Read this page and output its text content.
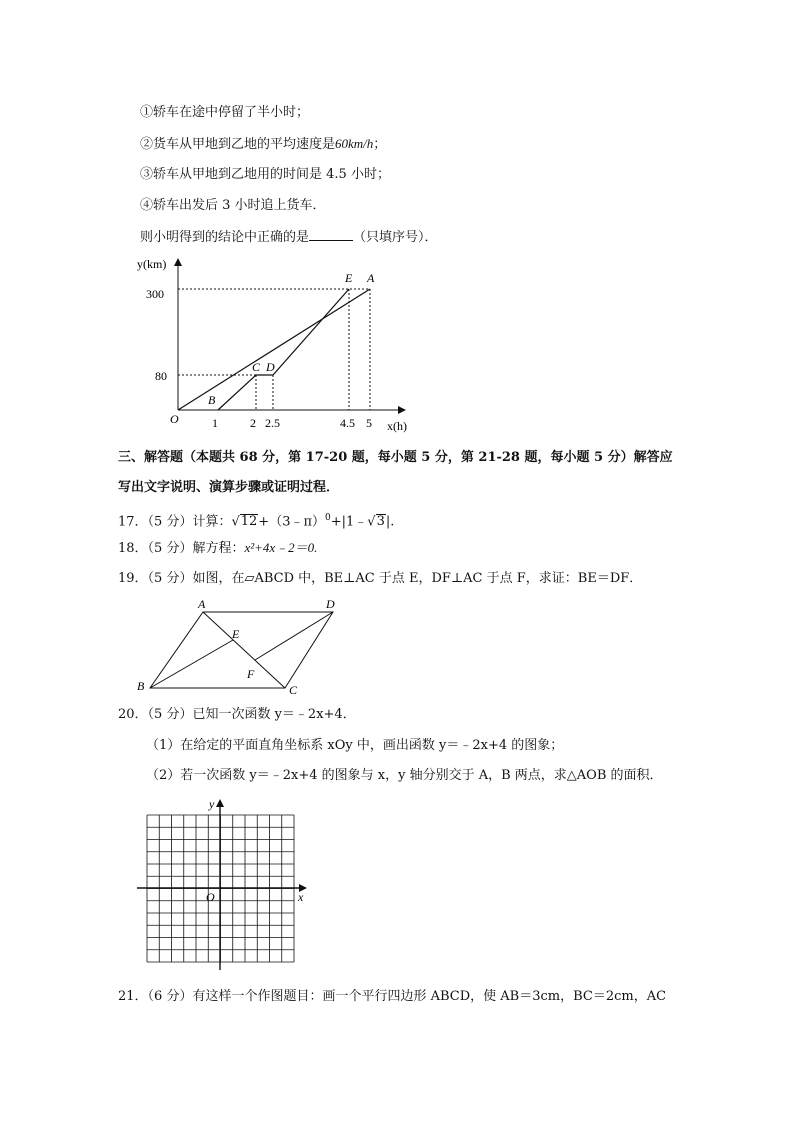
①轿车在途中停留了半小时；
②货车从甲地到乙地的平均速度是60km/h；
③轿车从甲地到乙地用的时间是 4.5 小时；
④轿车出发后 3 小时追上货车．
则小明得到的结论中正确的是	（只填序号）．
y(km)
x(h)
300
80
1	2 2.5	4.5 5
O
A
E
B
C D
三、解答题（本题共 68 分，第 17-20 题，每小题 5 分，第 21-28 题，每小题 5 分）解答应
写出文字说明、演算步骤或证明过程．
17．（5 分）计算：√12+（3﹣π）$^0$+|1﹣√3|.
18．（5 分）解方程：x²+4x﹣2＝0.
19．（5 分）如图，在▱ABCD 中，BE⊥AC 于点 E，DF⊥AC 于点 F，求证：BE＝DF．
A	D
B	C
E
F
20．（5 分）已知一次函数 y＝﹣2x+4．
（1）在给定的平面直角坐标系 xOy 中，画出函数 y＝﹣2x+4 的图象；
（2）若一次函数 y＝﹣2x+4 的图象与 x，y 轴分别交于 A，B 两点，求△AOB 的面积．
x
y
O
21．（6 分）有这样一个作图题目：画一个平行四边形 ABCD，使 AB＝3cm，BC＝2cm，AC
